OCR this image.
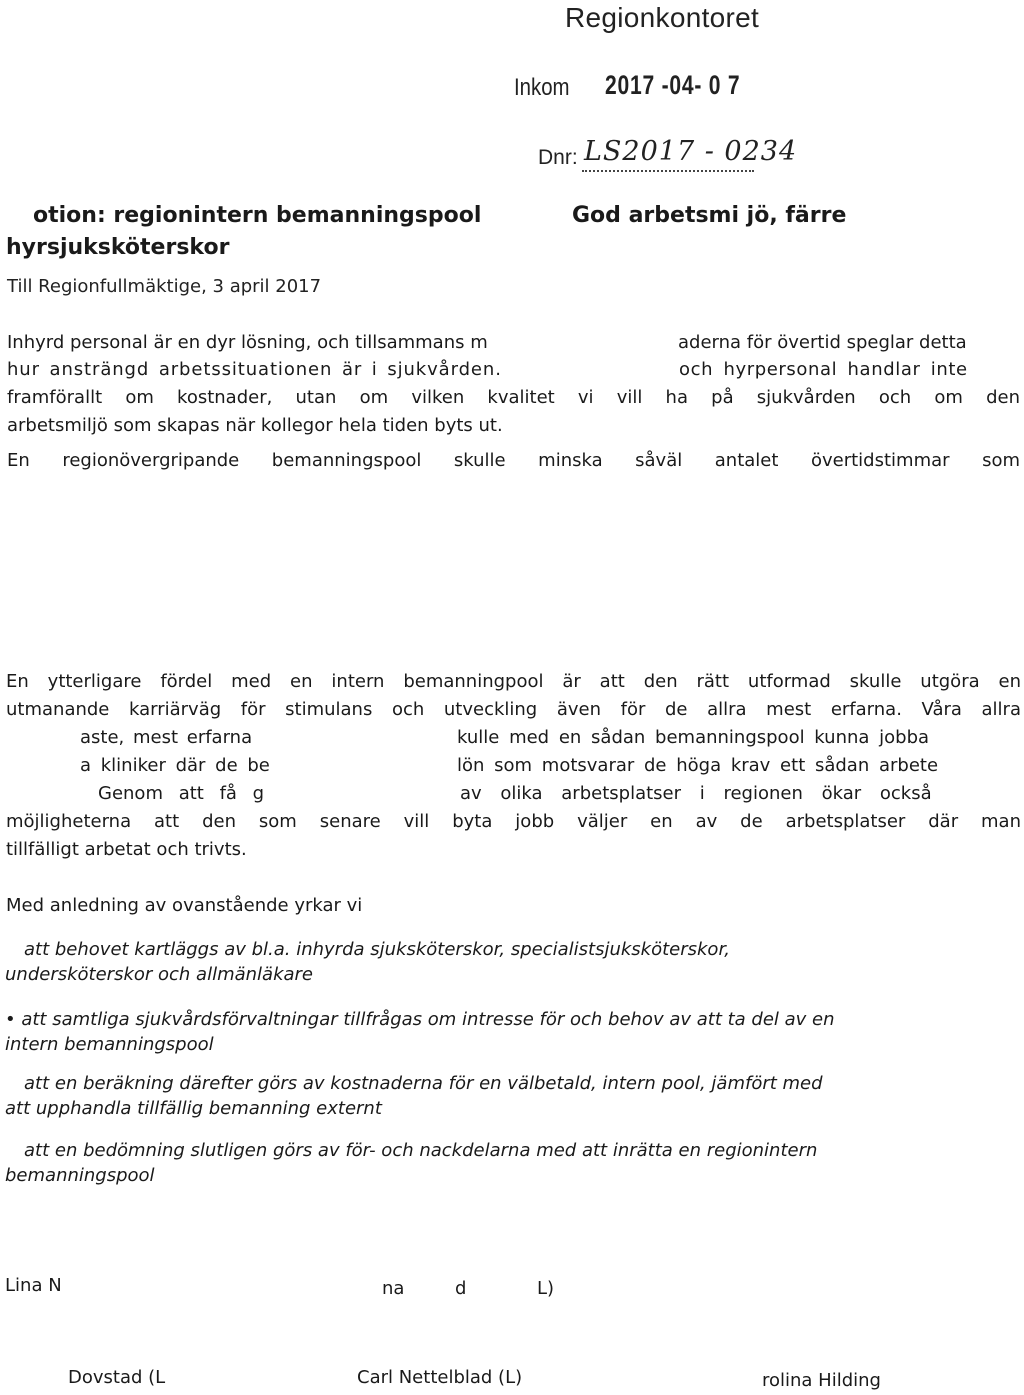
Regionkontoret
Inkom 2017 -04- 0 7
Dnr: LS2017 - 0234
otion: regionintern bemanningspool	God arbetsmi jö, färre
hyrsjuksköterskor
Till Regionfullmäktige, 3 april 2017
Inhyrd personal är en dyr lösning, och tillsammans m	aderna för övertid speglar detta
hur ansträngd arbetssituationen är i sjukvården.	och hyrpersonal handlar inte
framförallt om kostnader, utan om vilken kvalitet vi vill ha på sjukvården och om den
arbetsmiljö som skapas när kollegor hela tiden byts ut.
En regionövergripande bemanningspool skulle minska såväl antalet övertidstimmar som
En ytterligare fördel med en intern bemanningpool är att den rätt utformad skulle utgöra en
utmanande karriärväg för stimulans och utveckling även för de allra mest erfarna. Våra allra
aste, mest erfarna	kulle med en sådan bemanningspool kunna jobba
a kliniker där de be	lön som motsvarar de höga krav ett sådan arbete
Genom att få g	av olika arbetsplatser i regionen ökar också
möjligheterna att den som senare vill byta jobb väljer en av de arbetsplatser där man
tillfälligt arbetat och trivts.
Med anledning av ovanstående yrkar vi
att behovet kartläggs av bl.a. inhyrda sjuksköterskor, specialistsjuksköterskor,
undersköterskor och allmänläkare
• att samtliga sjukvårdsförvaltningar tillfrågas om intresse för och behov av att ta del av en
intern bemanningspool
att en beräkning därefter görs av kostnaderna för en välbetald, intern pool, jämfört med
att upphandla tillfällig bemanning externt
att en bedömning slutligen görs av för- och nackdelarna med att inrätta en regionintern
bemanningspool
Lina N	na	d	L)
Dovstad (L	Carl Nettelblad (L)	rolina Hilding
